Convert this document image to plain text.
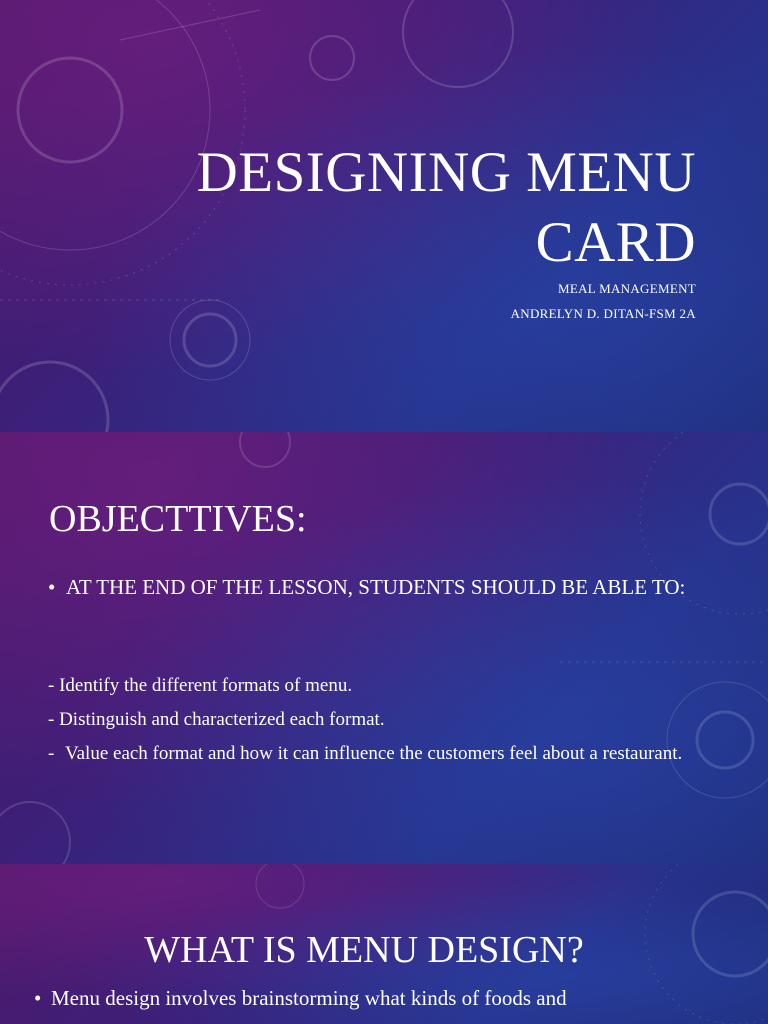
DESIGNING MENU
CARD
MEAL MANAGEMENT
ANDRELYN D. DITAN-FSM 2A
OBJECTTIVES:
• AT THE END OF THE LESSON, STUDENTS SHOULD BE ABLE TO:
- Identify the different formats of menu.
- Distinguish and characterized each format.
- Value each format and how it can influence the customers feel about a restaurant.
WHAT IS MENU DESIGN?
• Menu design involves brainstorming what kinds of foods and
